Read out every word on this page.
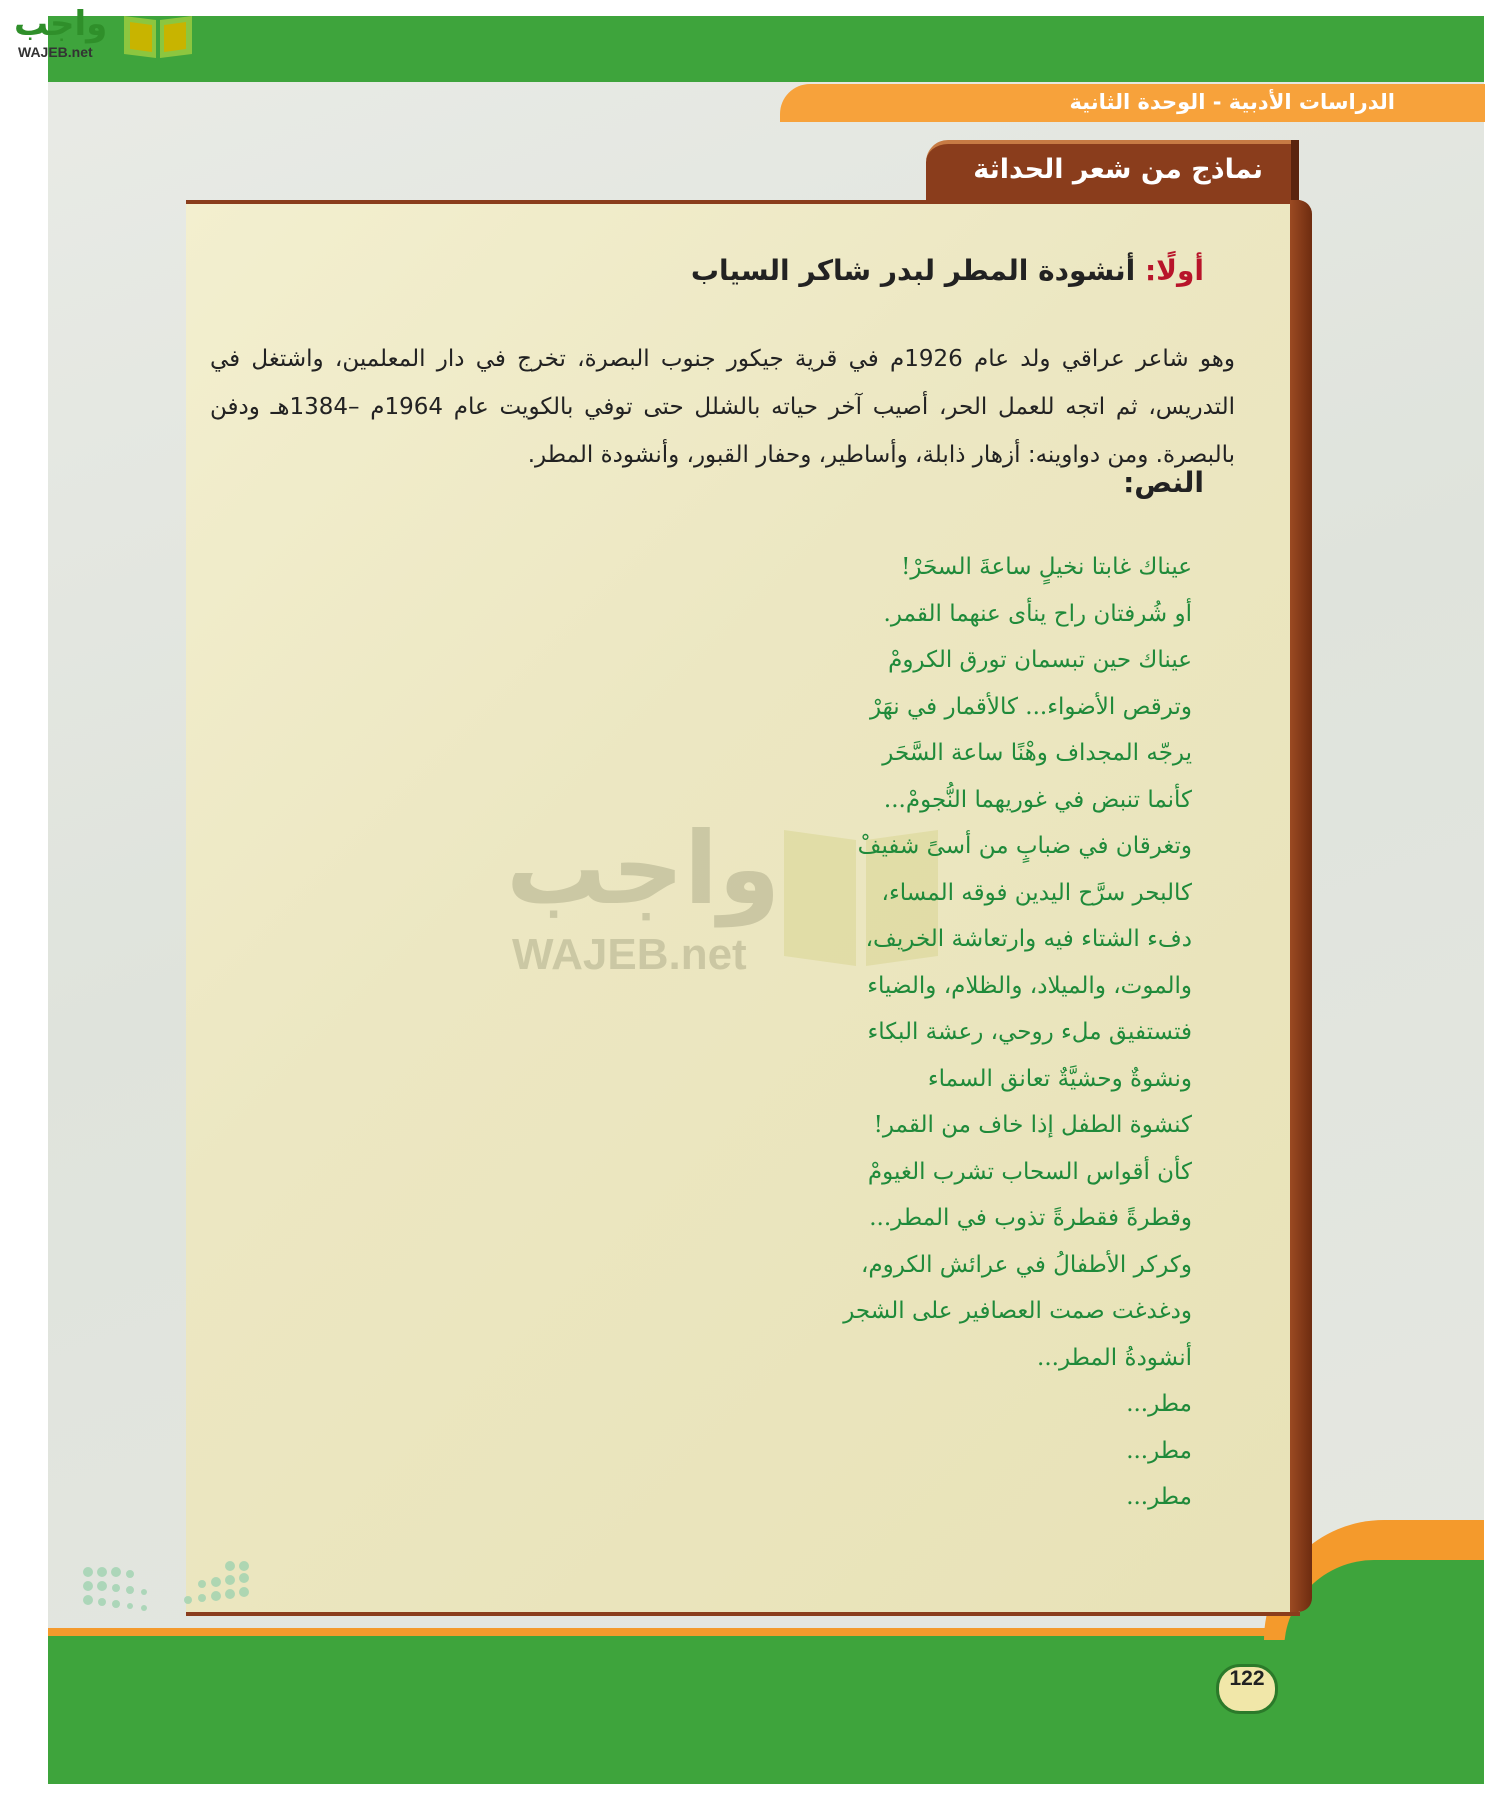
واجب
WAJEB.net
الدراسات الأدبية - الوحدة الثانية
نماذج من شعر الحداثة
واجب
WAJEB.net
أولًا: أنشودة المطر لبدر شاكر السياب

وهو شاعر عراقي ولد عام 1926م في قرية جيكور جنوب البصرة، تخرج في دار المعلمين، واشتغل في التدريس، ثم اتجه للعمل الحر، أصيب آخر حياته بالشلل حتى توفي بالكويت عام 1964م –1384هـ ودفن بالبصرة. ومن دواوينه: أزهار ذابلة، وأساطير، وحفار القبور، وأنشودة المطر.

النص:
عيناك غابتا نخيلٍ ساعةَ السحَرْ!
أو شُرفتان راح ينأى عنهما القمر.
عيناك حين تبسمان تورق الكرومْ
وترقص الأضواء... كالأقمار في نهَرْ
يرجّه المجداف وهْنًا ساعة السَّحَر
كأنما تنبض في غوريهما النُّجومْ...
وتغرقان في ضبابٍ من أسىً شفيفْ
كالبحر سرَّح اليدين فوقه المساء،
دفء الشتاء فيه وارتعاشة الخريف،
والموت، والميلاد، والظلام، والضياء
فتستفيق ملء روحي، رعشة البكاء
ونشوةٌ وحشيَّةٌ تعانق السماء
كنشوة الطفل إذا خاف من القمر!
كأن أقواس السحاب تشرب الغيومْ
وقطرةً فقطرةً تذوب في المطر...
وكركر الأطفالُ في عرائش الكروم،
ودغدغت صمت العصافير على الشجر
أنشودةُ المطر...
مطر...
مطر...
مطر...
122
